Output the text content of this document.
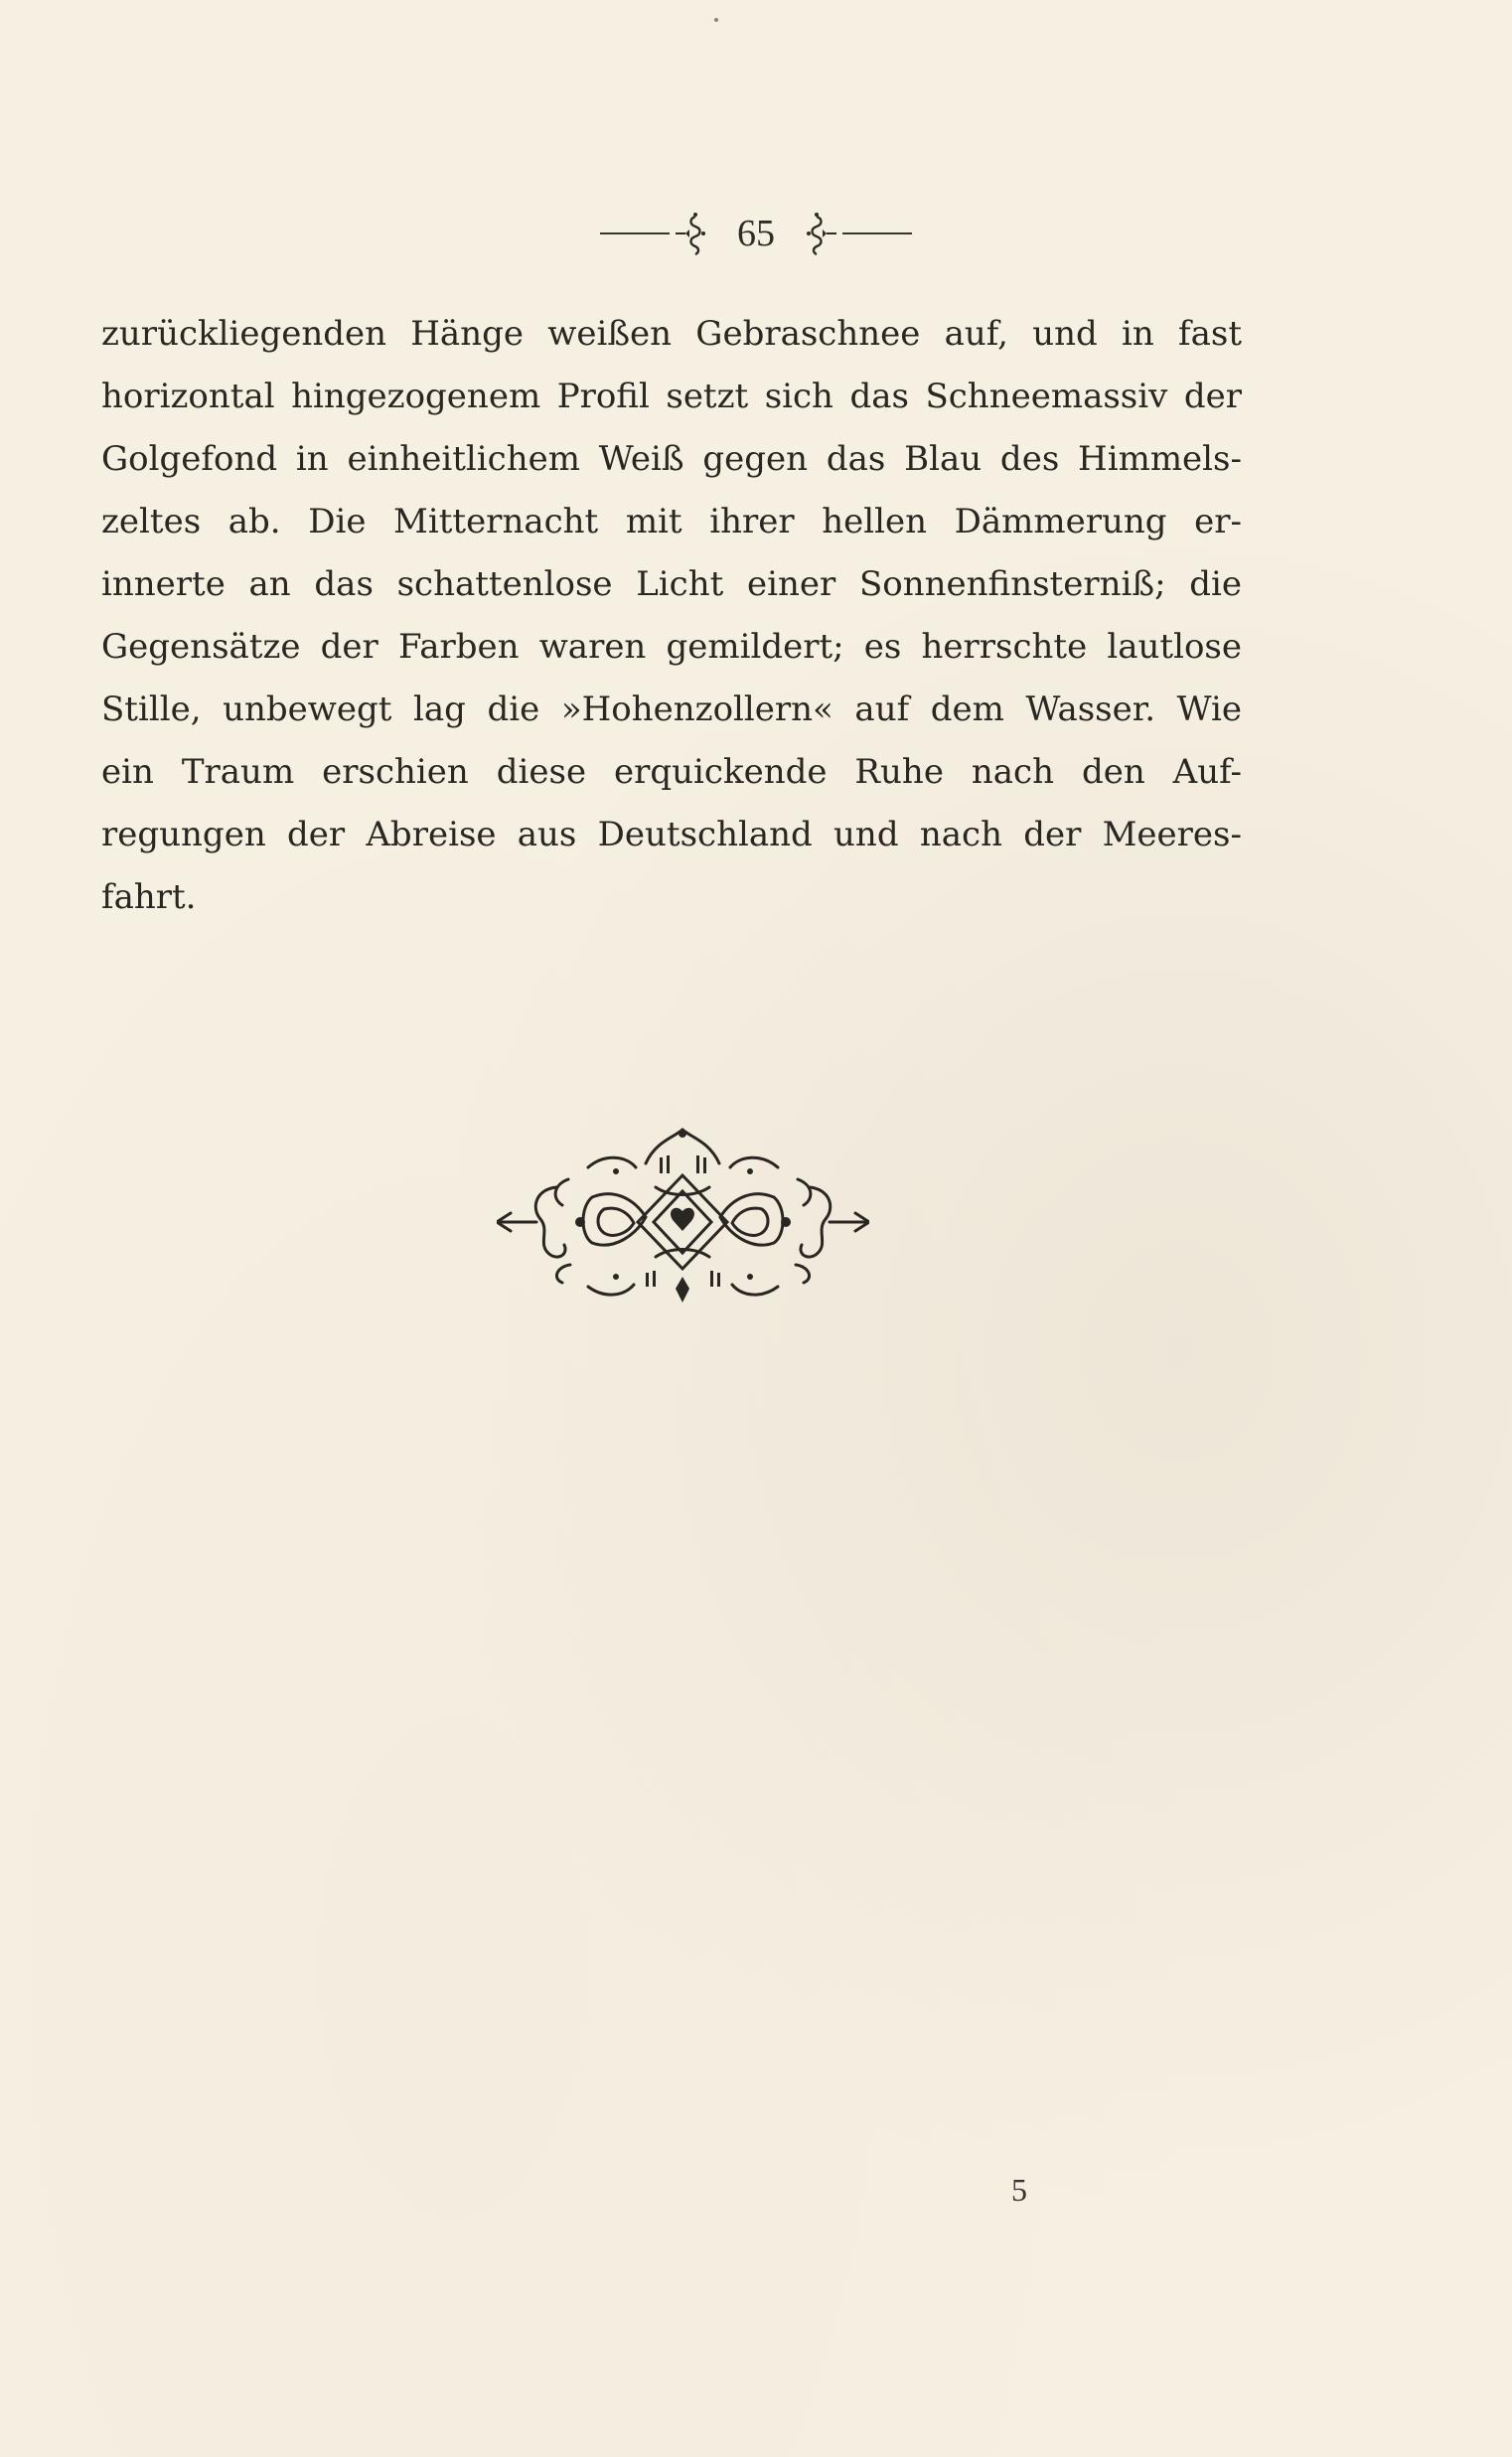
65
zurückliegenden Hänge weißen Gebraschnee auf, und in fast
horizontal hingezogenem Profil setzt sich das Schneemassiv der
Golgefond in einheitlichem Weiß gegen das Blau des Himmels-
zeltes ab. Die Mitternacht mit ihrer hellen Dämmerung er-
innerte an das schattenlose Licht einer Sonnenfinsterniß; die
Gegensätze der Farben waren gemildert; es herrschte lautlose
Stille, unbewegt lag die »Hohenzollern« auf dem Wasser. Wie
ein Traum erschien diese erquickende Ruhe nach den Auf-
regungen der Abreise aus Deutschland und nach der Meeres-
fahrt.
5
